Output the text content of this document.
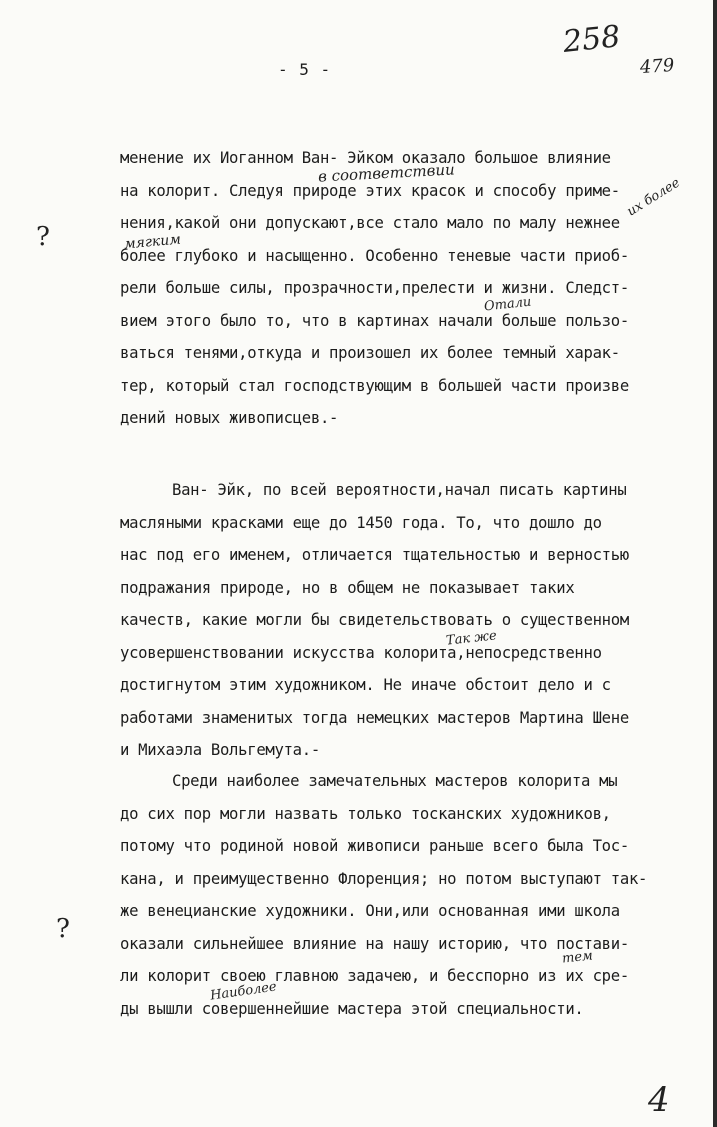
- 5 -
258
479
?
?
в соответствии
их более
мягким
Отали
Так же
тем
Наиболее
менение их Иоганном Ван- Эйком оказало большое влияние
на колорит. Следуя природе этих красок и способу приме-
нения,какой они допускают,все стало мало по малу нежнее
более глубоко и насыщенно. Особенно теневые части приоб-
рели больше силы, прозрачности,прелести и жизни. Следст-
вием этого было то, что в картинах начали больше пользо-
ваться тенями,откуда и произошел их более темный харак-
тер, который стал господствующим в большей части произве
дений новых живописцев.-
Ван- Эйк, по всей вероятности,начал писать картины
масляными красками еще до 1450 года. То, что дошло до
нас под его именем, отличается тщательностью и верностью
подражания природе, но в общем не показывает таких
качеств, какие могли бы свидетельствовать о существенном
усовершенствовании искусства колорита,непосредственно
достигнутом этим художником. Не иначе обстоит дело и с
работами знаменитых тогда немецких мастеров Мартина Шене
и Михаэла Вольгемута.-
Среди наиболее замечательных мастеров колорита мы
до сих пор могли назвать только тосканских художников,
потому что родиной новой живописи раньше всего была Тос-
кана, и преимущественно Флоренция; но потом выступают так-
же венецианские художники. Они,или основанная ими школа
оказали сильнейшее влияние на нашу историю, что постави-
ли колорит своею главною задачею, и бесспорно из их сре-
ды вышли совершеннейшие мастера этой специальности.
4
